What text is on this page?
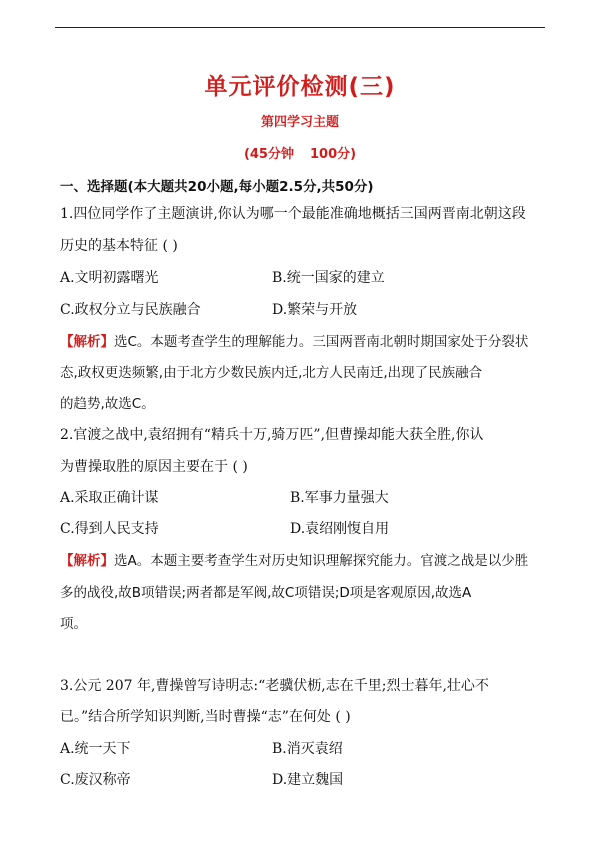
单元评价检测(三)
第四学习主题
(45分钟 100分)
一、选择题(本大题共20小题,每小题2.5分,共50分)
1.四位同学作了主题演讲,你认为哪一个最能准确地概括三国两晋南北朝这段
历史的基本特征 ( )
A.文明初露曙光	B.统一国家的建立
C.政权分立与民族融合	D.繁荣与开放
【解析】选C。本题考查学生的理解能力。三国两晋南北朝时期国家处于分裂状
态,政权更迭频繁,由于北方少数民族内迁,北方人民南迁,出现了民族融合
的趋势,故选C。
2.官渡之战中,袁绍拥有“精兵十万,骑万匹”,但曹操却能大获全胜,你认
为曹操取胜的原因主要在于 ( )
A.采取正确计谋	B.军事力量强大
C.得到人民支持	D.袁绍刚愎自用
【解析】选A。本题主要考查学生对历史知识理解探究能力。官渡之战是以少胜
多的战役,故B项错误;两者都是军阀,故C项错误;D项是客观原因,故选A
项。
3.公元 207 年,曹操曾写诗明志:“老骥伏枥,志在千里;烈士暮年,壮心不
已。”结合所学知识判断,当时曹操“志”在何处 ( )
A.统一天下	B.消灭袁绍
C.废汉称帝	D.建立魏国
